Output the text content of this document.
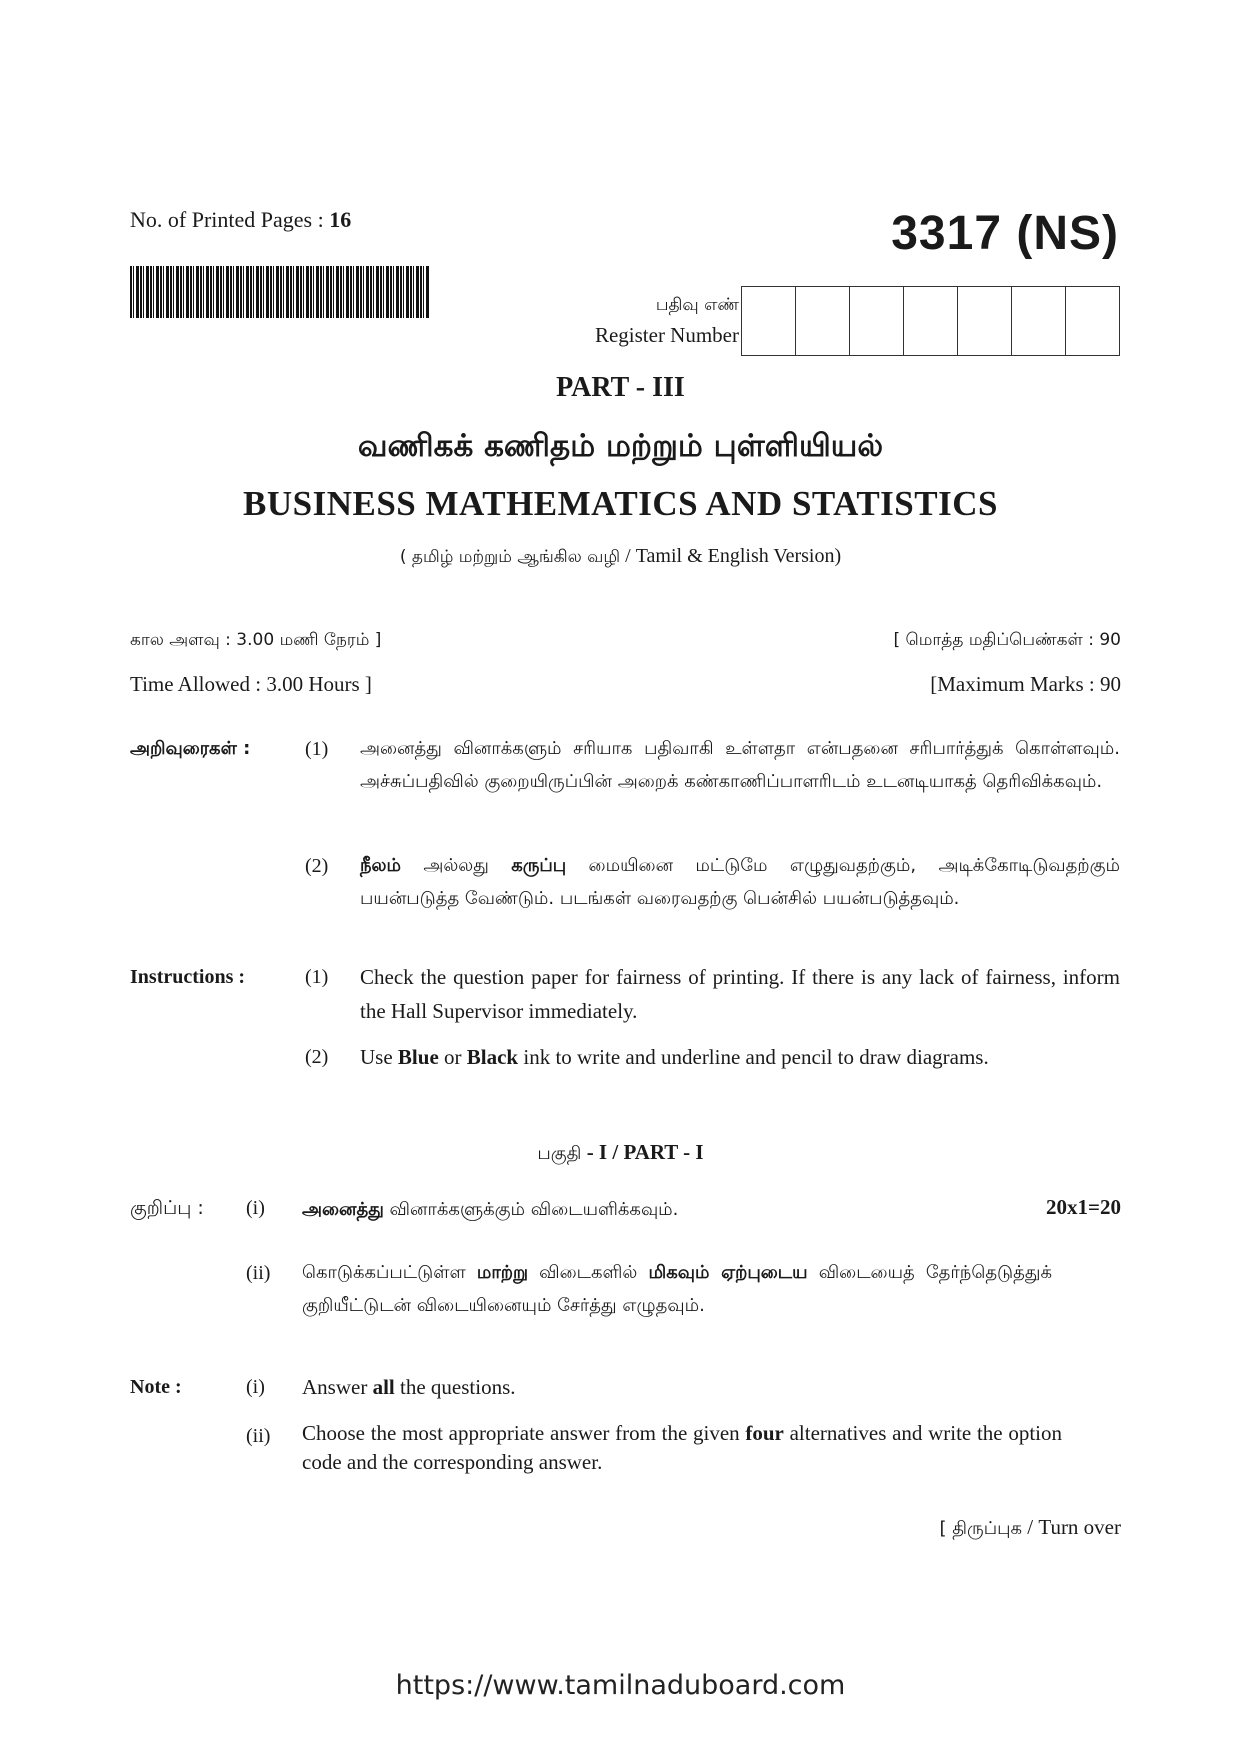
No. of Printed Pages : 16	3317 (NS)
பதிவு எண்
Register Number
PART - III
வணிகக் கணிதம் மற்றும் புள்ளியியல்
BUSINESS MATHEMATICS AND STATISTICS
( தமிழ் மற்றும் ஆங்கில வழி / Tamil & English Version)
கால அளவு : 3.00 மணி நேரம் ]	[ மொத்த மதிப்பெண்கள் : 90
Time Allowed : 3.00 Hours ]	[Maximum Marks : 90
அறிவுரைகள் :	(1) அனைத்து வினாக்களும் சரியாக பதிவாகி உள்ளதா என்பதனை சரிபார்த்துக் கொள்ளவும். அச்சுப்பதிவில் குறையிருப்பின் அறைக் கண்காணிப்பாளரிடம் உடனடியாகத் தெரிவிக்கவும்.
(2) நீலம் அல்லது கருப்பு மையினை மட்டுமே எழுதுவதற்கும், அடிக்கோடிடுவதற்கும் பயன்படுத்த வேண்டும். படங்கள் வரைவதற்கு பென்சில் பயன்படுத்தவும்.
Instructions :	(1) Check the question paper for fairness of printing. If there is any lack of fairness, inform the Hall Supervisor immediately.
(2) Use Blue or Black ink to write and underline and pencil to draw diagrams.
பகுதி - I / PART - I
குறிப்பு : (i) அனைத்து வினாக்களுக்கும் விடையளிக்கவும்.	20x1=20
(ii) கொடுக்கப்பட்டுள்ள மாற்று விடைகளில் மிகவும் ஏற்புடைய விடையைத் தேர்ந்தெடுத்துக் குறியீட்டுடன் விடையினையும் சேர்த்து எழுதவும்.
Note :	(i) Answer all the questions.
(ii) Choose the most appropriate answer from the given four alternatives and write the option code and the corresponding answer.
[ திருப்புக / Turn over
https://www.tamilnaduboard.com
